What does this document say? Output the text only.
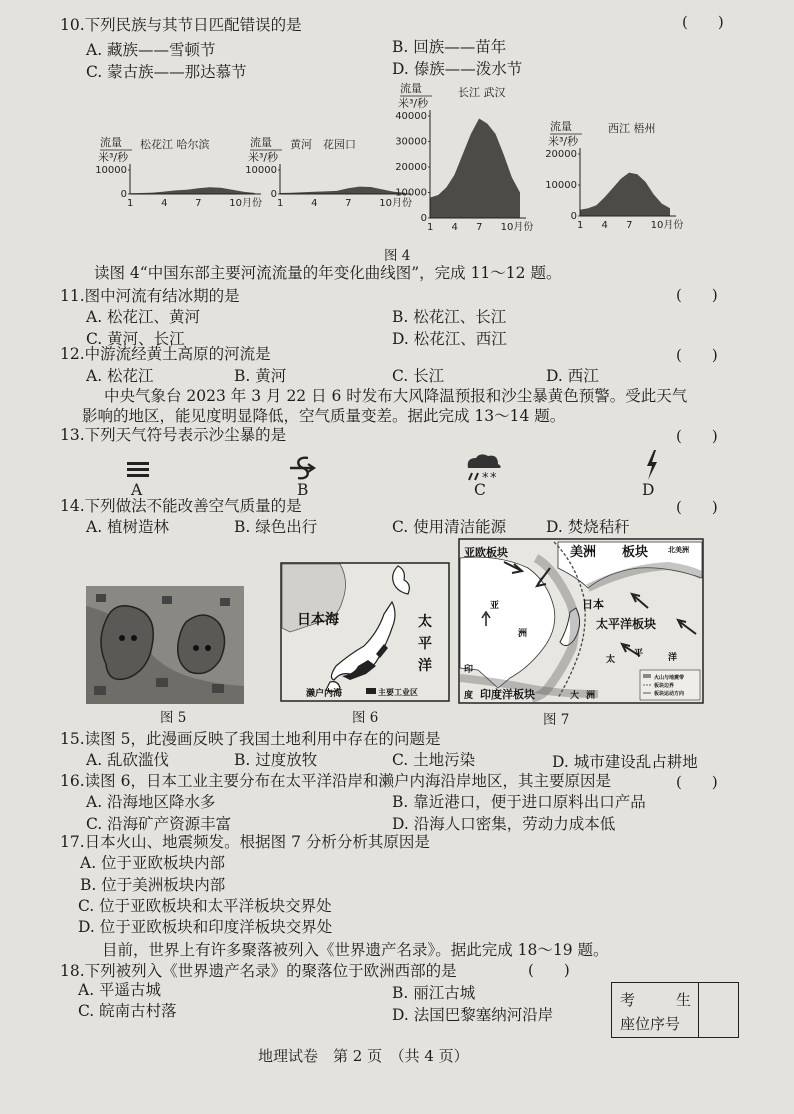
10.下列民族与其节日匹配错误的是	(　　)
A. 藏族——雪顿节	B. 回族——苗年
C. 蒙古族——那达慕节	D. 傣族——泼水节
流量
米³/秒
松花江 哈尔滨
10000
0
1	4	7	10月份
流量
米³/秒
黄河　花园口
10000
0
1	4	7	10月份
流量
米³/秒
长江 武汉
40000
30000
20000
10000
0
1 4 7 10月份
流量
米³/秒
西江 梧州
20000
10000
0
1 4 7 10月份
图 4
读图 4“中国东部主要河流流量的年变化曲线图”，完成 11～12 题。
11.图中河流有结冰期的是	(　　)
A. 松花江、黄河	B. 松花江、长江
C. 黄河、长江	D. 松花江、西江
12.中游流经黄土高原的河流是	(　　)
A. 松花江	B. 黄河	C. 长江	D. 西江
中央气象台 2023 年 3 月 22 日 6 时发布大风降温预报和沙尘暴黄色预警。受此天气
影响的地区，能见度明显降低，空气质量变差。据此完成 13～14 题。
13.下列天气符号表示沙尘暴的是	(　　)
* *
A	B	C	D
14.下列做法不能改善空气质量的是	(　　)
A. 植树造林	B. 绿色出行	C. 使用清洁能源	D. 焚烧秸秆
图 5
日本海	太
平
洋
濑户内海	主要工业区
图 6
亚欧板块	美洲 板块	北美洲
亚
洲
日本
太平洋板块
太
平	洋
印
度 印度洋板块	大 洲
火山与地震带
板块边界
板块运动方向
图 7
15.读图 5，此漫画反映了我国土地利用中存在的问题是
A. 乱砍滥伐	B. 过度放牧	C. 土地污染	D. 城市建设乱占耕地
16.读图 6，日本工业主要分布在太平洋沿岸和濑户内海沿岸地区，其主要原因是	(　　)
A. 沿海地区降水多	B. 靠近港口，便于进口原料出口产品
C. 沿海矿产资源丰富	D. 沿海人口密集，劳动力成本低
17.日本火山、地震频发。根据图 7 分析分析其原因是
A. 位于亚欧板块内部
B. 位于美洲板块内部
C. 位于亚欧板块和太平洋板块交界处
D. 位于亚欧板块和印度洋板块交界处
目前，世界上有许多聚落被列入《世界遗产名录》。据此完成 18～19 题。
18.下列被列入《世界遗产名录》的聚落位于欧洲西部的是	(　　)
A. 平遥古城	B. 丽江古城
C. 皖南古村落	D. 法国巴黎塞纳河沿岸
考	生
座位序号
地理试卷　第 2 页　（共 4 页）
